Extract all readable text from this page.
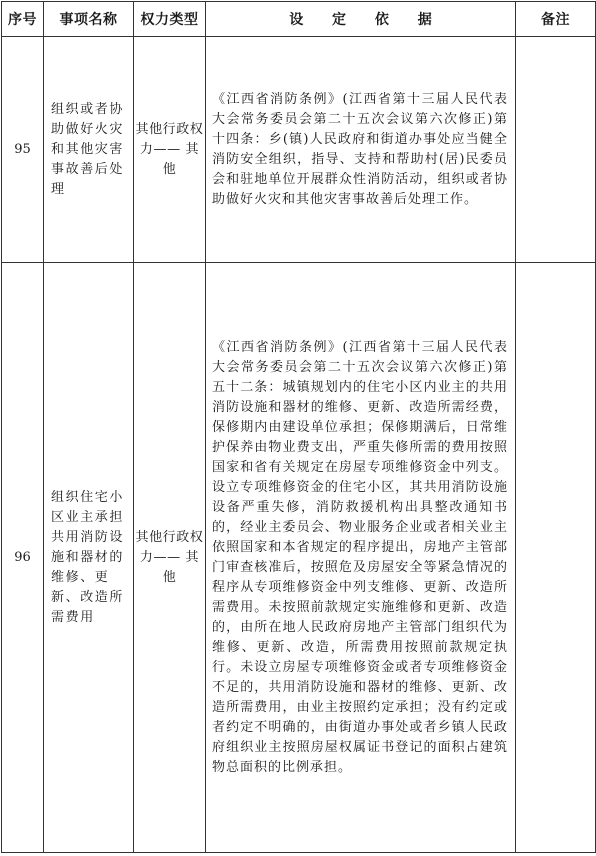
序号	事项名称	权力类型	设 定 依 据	备注
95	组织或者协助做好火灾和其他灾害事故善后处理	其他行政权力—— 其他	《江西省消防条例》(江西省第十三届人民代表大会常务委员会第二十五次会议第六次修正)第十四条：乡(镇)人民政府和街道办事处应当健全消防安全组织，指导、支持和帮助村(居)民委员会和驻地单位开展群众性消防活动，组织或者协助做好火灾和其他灾害事故善后处理工作。	
96	组织住宅小区业主承担共用消防设施和器材的维修、更新、改造所需费用	其他行政权力—— 其他	《江西省消防条例》(江西省第十三届人民代表大会常务委员会第二十五次会议第六次修正)第五十二条：城镇规划内的住宅小区内业主的共用消防设施和器材的维修、更新、改造所需经费，保修期内由建设单位承担；保修期满后，日常维护保养由物业费支出，严重失修所需的费用按照国家和省有关规定在房屋专项维修资金中列支。设立专项维修资金的住宅小区，其共用消防设施设备严重失修，消防救援机构出具整改通知书的，经业主委员会、物业服务企业或者相关业主依照国家和本省规定的程序提出，房地产主管部门审查核准后，按照危及房屋安全等紧急情况的程序从专项维修资金中列支维修、更新、改造所需费用。未按照前款规定实施维修和更新、改造的，由所在地人民政府房地产主管部门组织代为维修、更新、改造，所需费用按照前款规定执行。未设立房屋专项维修资金或者专项维修资金不足的，共用消防设施和器材的维修、更新、改造所需费用，由业主按照约定承担；没有约定或者约定不明确的，由街道办事处或者乡镇人民政府组织业主按照房屋权属证书登记的面积占建筑物总面积的比例承担。	
